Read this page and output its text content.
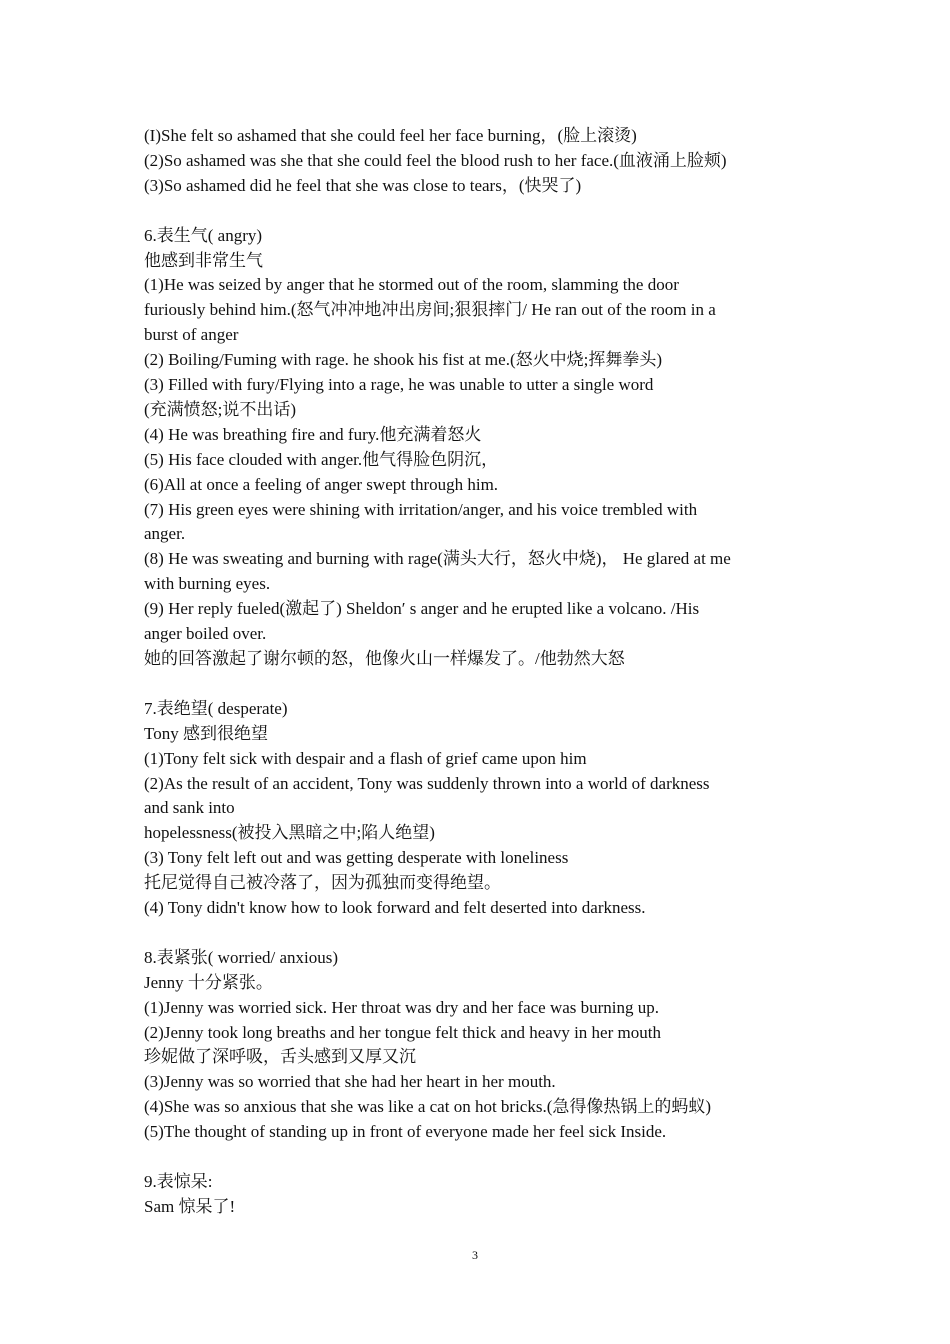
(I)She felt so ashamed that she could feel her face burning，(脸上滚烫)
(2)So ashamed was she that she could feel the blood rush to her face.(血液涌上脸颊)
(3)So ashamed did he feel that she was close to tears，(快哭了)
6.表生气( angry)
他感到非常生气
(1)He was seized by anger that he stormed out of the room, slamming the door
furiously behind him.(怒气冲冲地冲出房间;狠狠摔门/ He ran out of the room in a
burst of anger
(2) Boiling/Fuming with rage. he shook his fist at me.(怒火中烧;挥舞拳头)
(3) Filled with fury/Flying into a rage, he was unable to utter a single word
(充满愤怒;说不出话)
(4) He was breathing fire and fury.他充满着怒火
(5) His face clouded with anger.他气得脸色阴沉，
(6)All at once a feeling of anger swept through him.
(7) His green eyes were shining with irritation/anger, and his voice trembled with
anger.
(8) He was sweating and burning with rage(满头大行，怒火中烧)， He glared at me
with burning eyes.
(9) Her reply fueled(激起了) Sheldon′ s anger and he erupted like a volcano. /His
anger boiled over.
她的回答激起了谢尔顿的怒，他像火山一样爆发了。/他勃然大怒
7.表绝望( desperate)
Tony 感到很绝望
(1)Tony felt sick with despair and a flash of grief came upon him
(2)As the result of an accident, Tony was suddenly thrown into a world of darkness
and sank into
hopelessness(被投入黑暗之中;陷人绝望)
(3) Tony felt left out and was getting desperate with loneliness
托尼觉得自己被冷落了，因为孤独而变得绝望。
(4) Tony didn't know how to look forward and felt deserted into darkness.
8.表紧张( worried/ anxious)
Jenny 十分紧张。
(1)Jenny was worried sick. Her throat was dry and her face was burning up.
(2)Jenny took long breaths and her tongue felt thick and heavy in her mouth
珍妮做了深呼吸，舌头感到又厚又沉
(3)Jenny was so worried that she had her heart in her mouth.
(4)She was so anxious that she was like a cat on hot bricks.(急得像热锅上的蚂蚁)
(5)The thought of standing up in front of everyone made her feel sick Inside.
9.表惊呆:
Sam 惊呆了!
3
